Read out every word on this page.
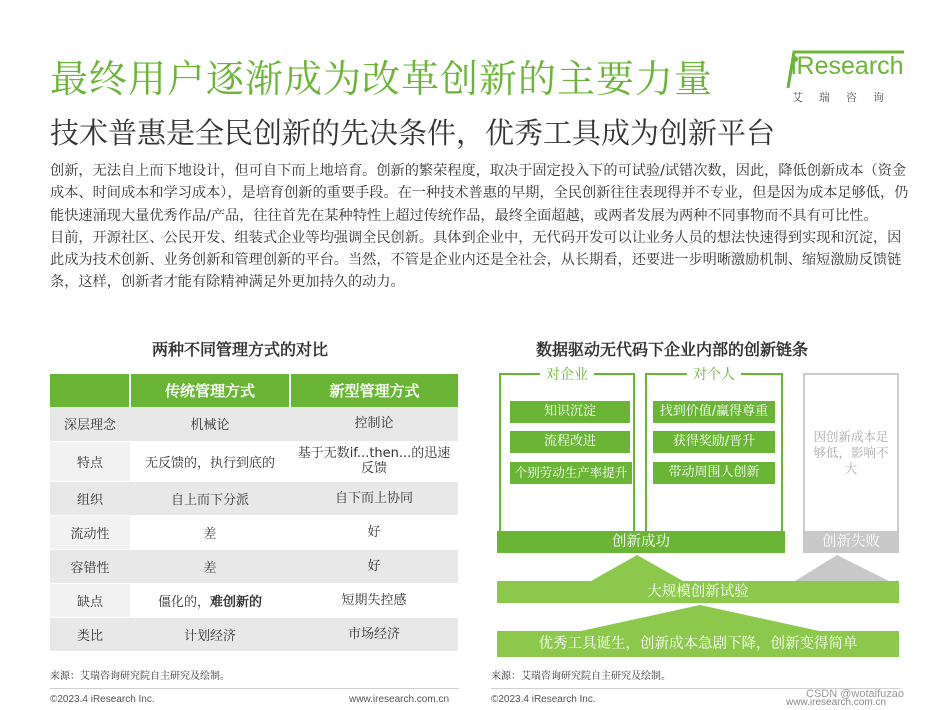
最终用户逐渐成为改革创新的主要力量
技术普惠是全民创新的先决条件，优秀工具成为创新平台
iResearch
艾瑞咨询

创新，无法自上而下地设计，但可自下而上地培育。创新的繁荣程度，取决于固定投入下的可试验/试错次数，因此，降低创新成本（资金成本、时间成本和学习成本），是培育创新的重要手段。在一种技术普惠的早期，全民创新往往表现得并不专业，但是因为成本足够低，仍能快速涌现大量优秀作品/产品，往往首先在某种特性上超过传统作品，最终全面超越，或两者发展为两种不同事物而不具有可比性。

目前，开源社区、公民开发、组装式企业等均强调全民创新。具体到企业中，无代码开发可以让业务人员的想法快速得到实现和沉淀，因此成为技术创新、业务创新和管理创新的平台。当然，不管是企业内还是全社会，从长期看，还要进一步明晰激励机制、缩短激励反馈链条，这样，创新者才能有除精神满足外更加持久的动力。

两种不同管理方式的对比
	传统管理方式	新型管理方式
深层理念	机械论	控制论
特点	无反馈的，执行到底的	基于无数if...then...的迅速反馈
组织	自上而下分派	自下而上协同
流动性	差	好
容错性	差	好
缺点	僵化的，难创新的	短期失控感
类比	计划经济	市场经济
来源：艾瑞咨询研究院自主研究及绘制。
数据驱动无代码下企业内部的创新链条
对企业
知识沉淀
流程改进
个别劳动生产率提升
对个人
找到价值/赢得尊重
获得奖励/晋升
带动周围人创新
因创新成本足够低，影响不大
创新成功	创新失败
大规模创新试验
优秀工具诞生，创新成本急剧下降，创新变得简单
来源：艾瑞咨询研究院自主研究及绘制。
©2023.4 iResearch Inc.	www.iresearch.com.cn	©2023.4 iResearch Inc.	www.iresearch.com.cn
CSDN @wotaifuzao
